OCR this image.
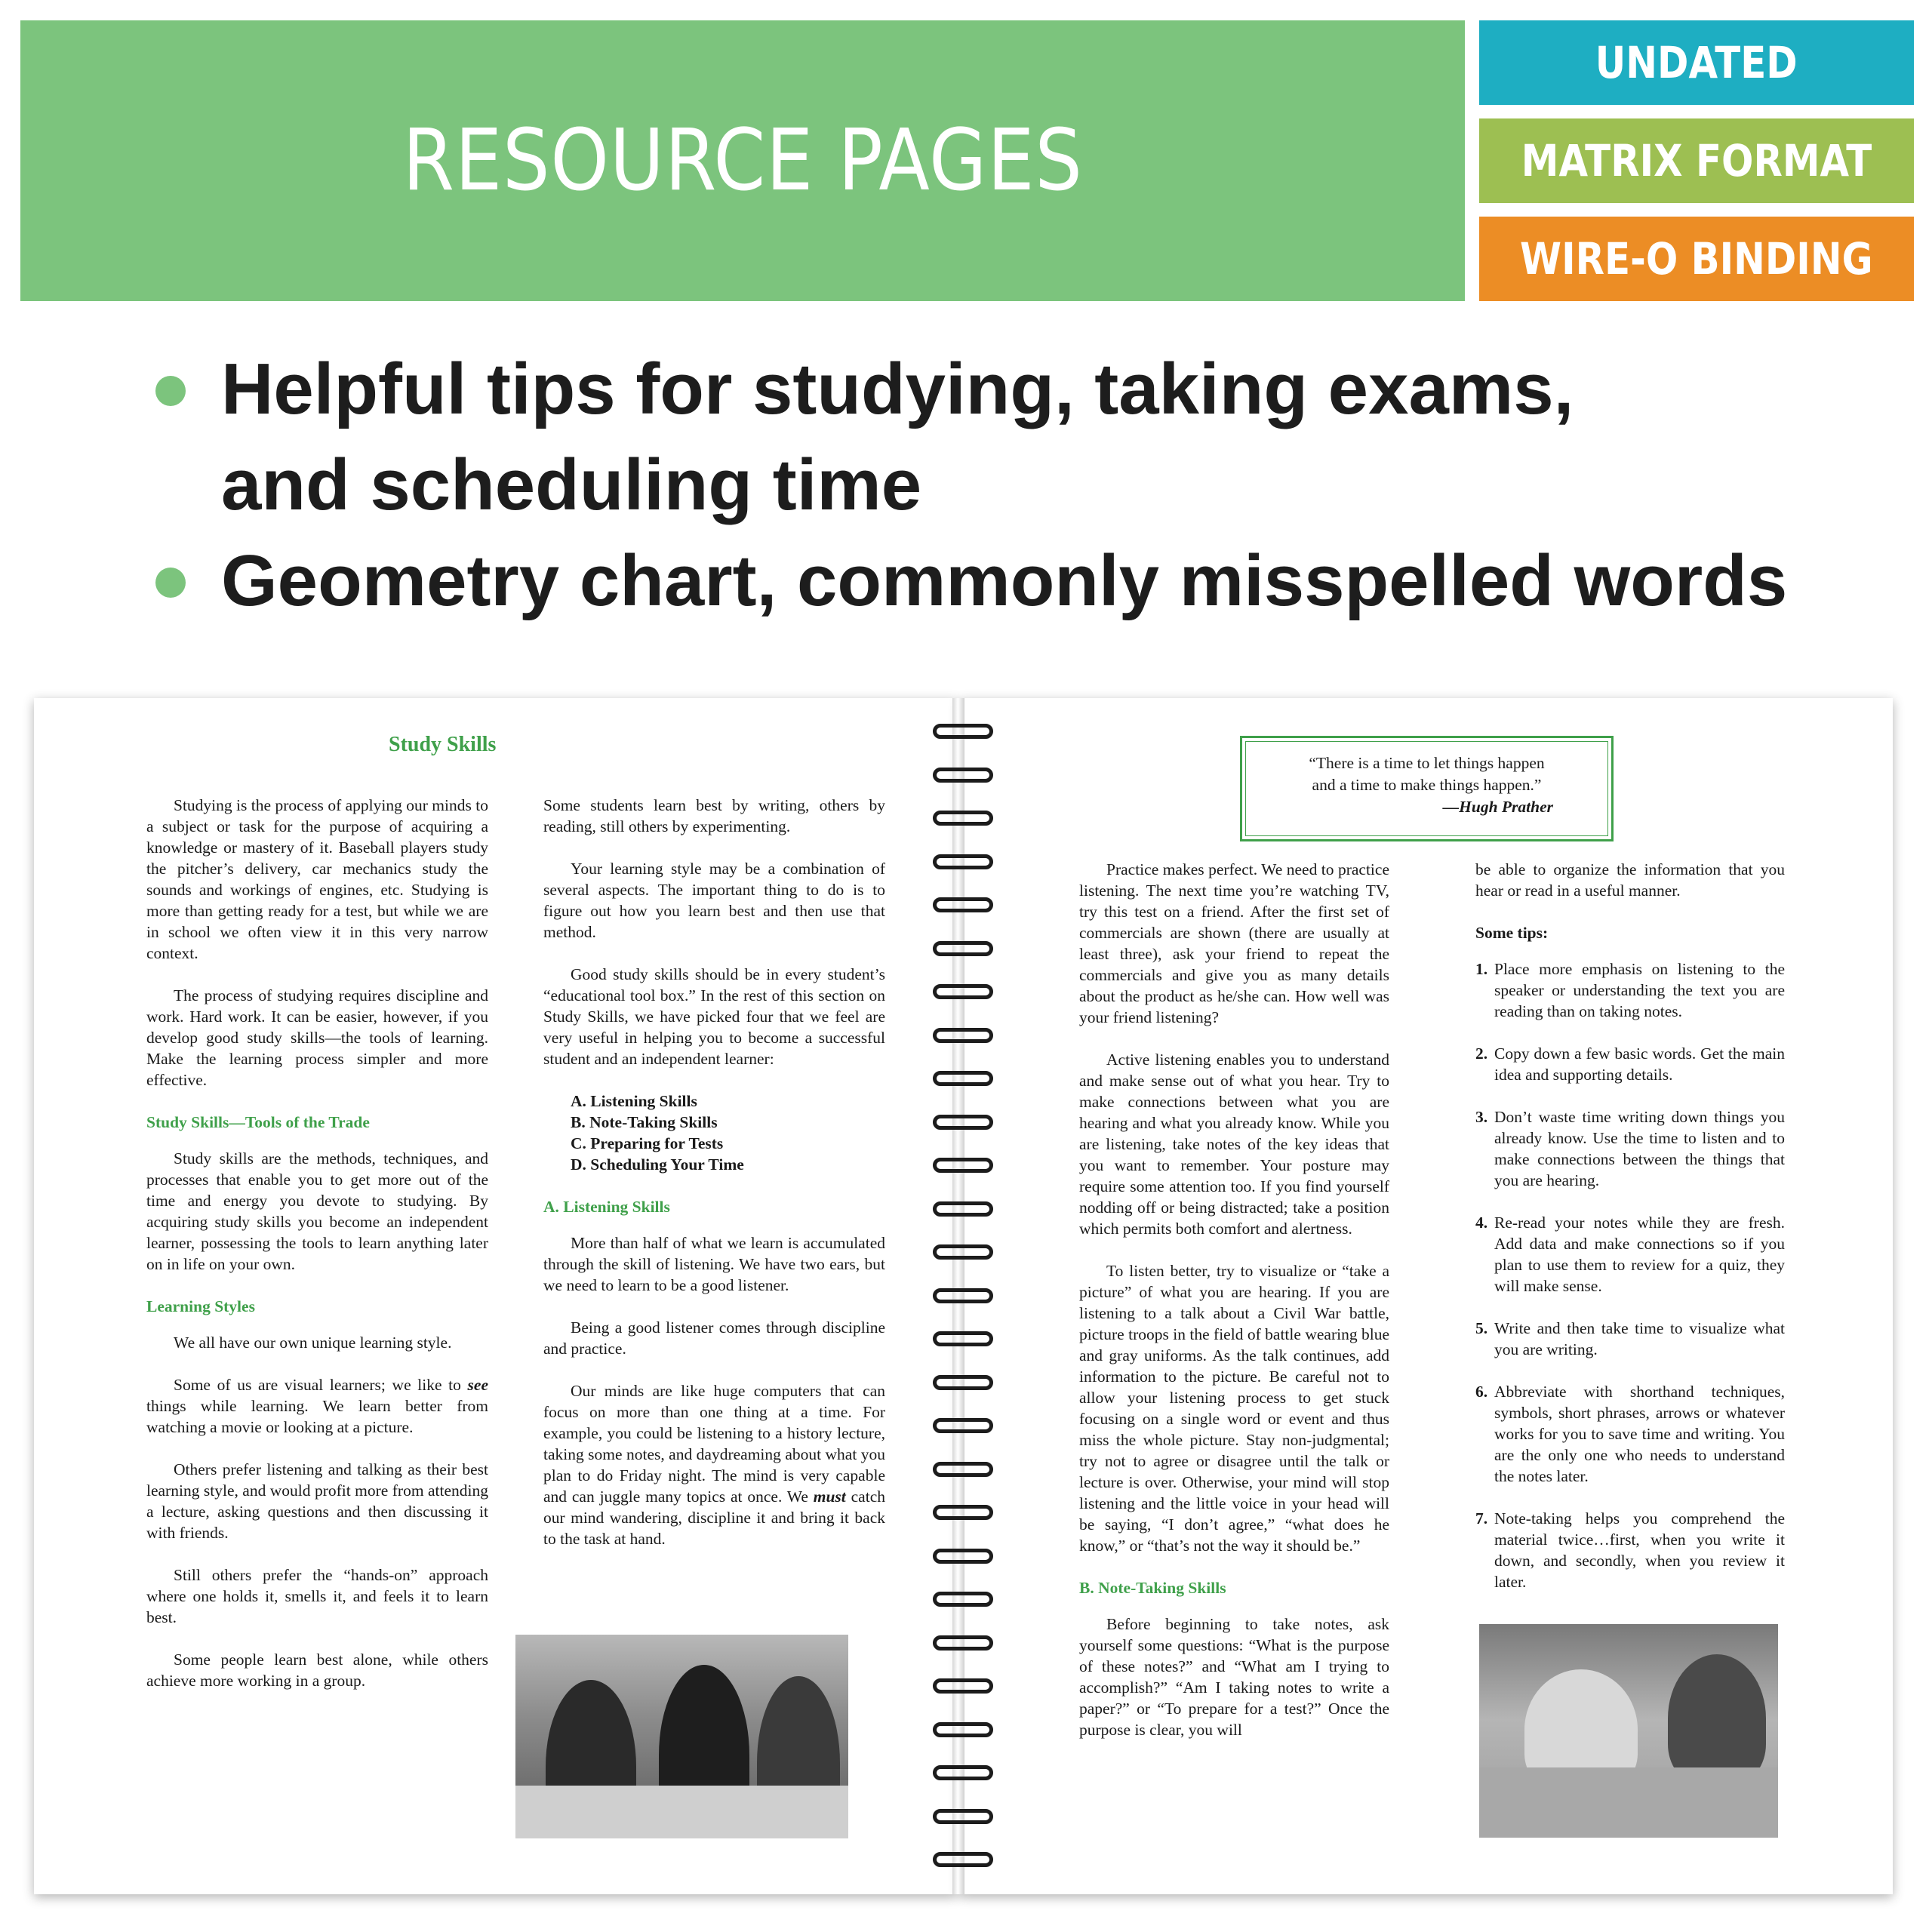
RESOURCE PAGES
UNDATED
MATRIX FORMAT
WIRE-O BINDING
Helpful tips for studying, taking exams,
and scheduling time
Geometry chart, commonly misspelled words
Study Skills

Studying is the process of applying our minds to a subject or task for the purpose of acquiring a knowledge or mastery of it. Baseball players study the pitcher’s delivery, car mechanics study the sounds and workings of engines, etc. Studying is more than getting ready for a test, but while we are in school we often view it in this very narrow context.

The process of studying requires discipline and work. Hard work. It can be easier, however, if you develop good study skills—the tools of learning. Make the learning process simpler and more effective.

Study Skills—Tools of the Trade

Study skills are the methods, techniques, and processes that enable you to get more out of the time and energy you devote to studying. By acquiring study skills you become an independent learner, possessing the tools to learn anything later on in life on your own.

Learning Styles

We all have our own unique learning style.

Some of us are visual learners; we like to see things while learning. We learn better from watching a movie or looking at a picture.

Others prefer listening and talking as their best learning style, and would profit more from attending a lecture, asking questions and then discussing it with friends.

Still others prefer the “hands-on” approach where one holds it, smells it, and feels it to learn best.

Some people learn best alone, while others achieve more working in a group.

Some students learn best by writing, others by reading, still others by experimenting.

Your learning style may be a combination of several aspects. The important thing to do is to figure out how you learn best and then use that method.

Good study skills should be in every student’s “educational tool box.” In the rest of this section on Study Skills, we have picked four that we feel are very useful in helping you to become a successful student and an independent learner:

A. Listening Skills
B. Note-Taking Skills
C. Preparing for Tests
D. Scheduling Your Time
A. Listening Skills

More than half of what we learn is accumulated through the skill of listening. We have two ears, but we need to learn to be a good listener.

Being a good listener comes through discipline and practice.

Our minds are like huge computers that can focus on more than one thing at a time. For example, you could be listening to a history lecture, taking some notes, and daydreaming about what you plan to do Friday night. The mind is very capable and can juggle many topics at once. We must catch our mind wandering, discipline it and bring it back to the task at hand.

Practice makes perfect. We need to practice listening. The next time you’re watching TV, try this test on a friend. After the first set of commercials are shown (there are usually at least three), ask your friend to repeat the commercials and give you as many details about the product as he/she can. How well was your friend listening?

Active listening enables you to understand and make sense out of what you hear. Try to make connections between what you are hearing and what you already know. While you are listening, take notes of the key ideas that you want to remember. Your posture may require some attention too. If you find yourself nodding off or being distracted; take a position which permits both comfort and alertness.

To listen better, try to visualize or “take a picture” of what you are hearing. If you are listening to a talk about a Civil War battle, picture troops in the field of battle wearing blue and gray uniforms. As the talk continues, add information to the picture. Be careful not to allow your listening process to get stuck focusing on a single word or event and thus miss the whole picture. Stay non-judgmental; try not to agree or disagree until the talk or lecture is over. Otherwise, your mind will stop listening and the little voice in your head will be saying, “I don’t agree,” “what does he know,” or “that’s not the way it should be.”

B. Note-Taking Skills

Before beginning to take notes, ask yourself some questions: “What is the purpose of these notes?” and “What am I trying to accomplish?” “Am I taking notes to write a paper?” or “To prepare for a test?” Once the purpose is clear, you will

be able to organize the information that you hear or read in a useful manner.

Some tips:
1. Place more emphasis on listening to the speaker or understanding the text you are reading than on taking notes.
2. Copy down a few basic words. Get the main idea and supporting details.
3. Don’t waste time writing down things you already know. Use the time to listen and to make connections between the things that you are hearing.
4. Re-read your notes while they are fresh. Add data and make connections so if you plan to use them to review for a quiz, they will make sense.
5. Write and then take time to visualize what you are writing.
6. Abbreviate with shorthand techniques, symbols, short phrases, arrows or whatever works for you to save time and writing. You are the only one who needs to understand the notes later.
7. Note-taking helps you comprehend the material twice…first, when you write it down, and secondly, when you review it later.
“There is a time to let things happen
and a time to make things happen.”
—Hugh Prather
